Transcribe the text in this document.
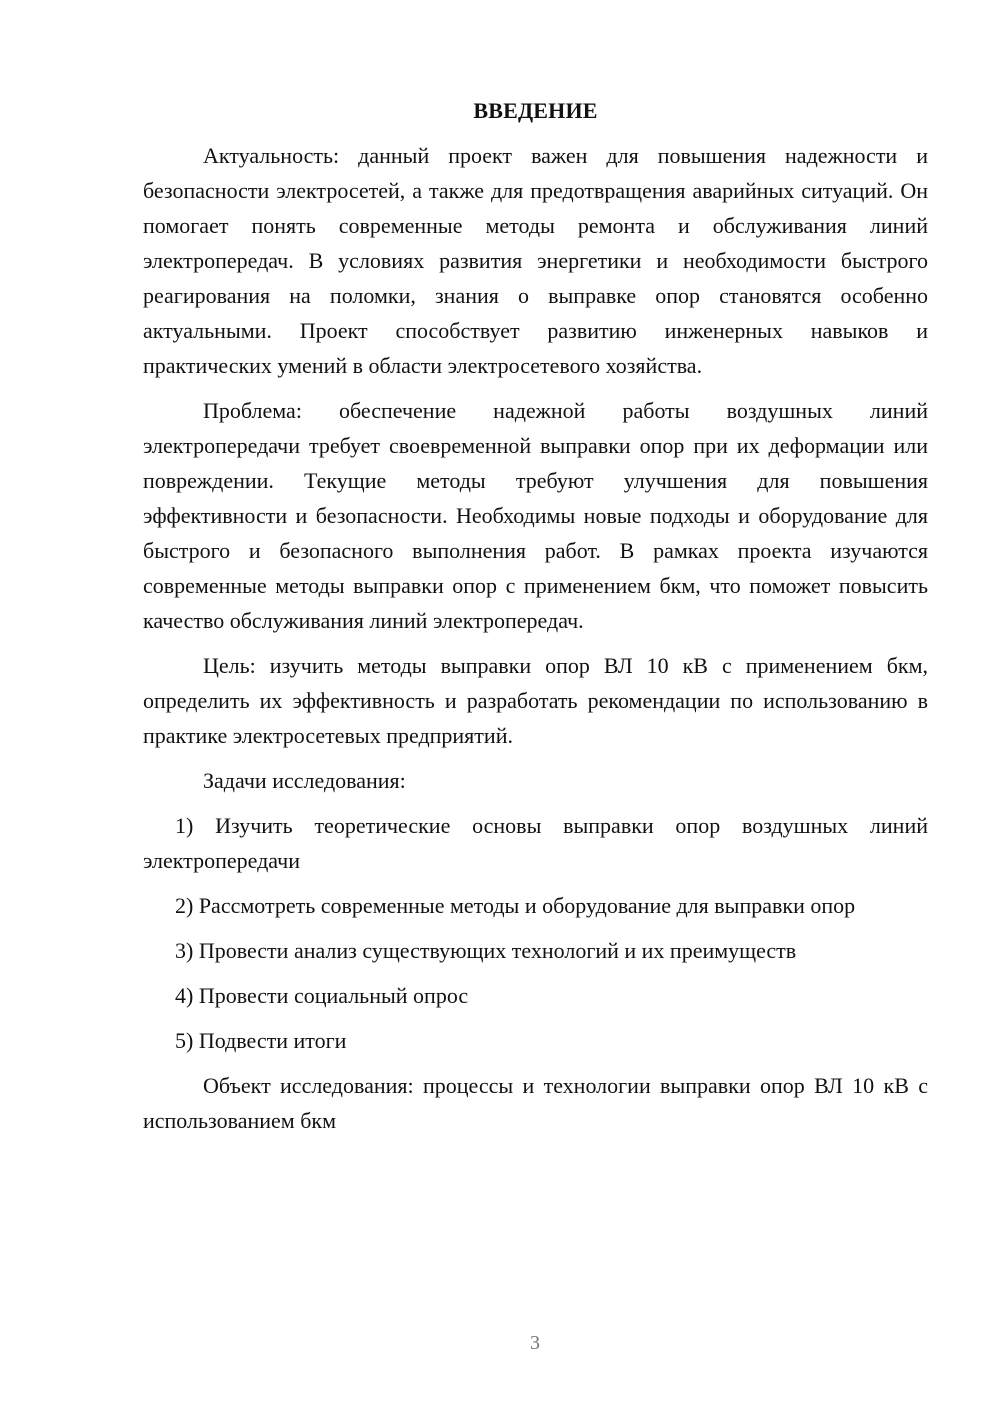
ВВЕДЕНИЕ

Актуальность: данный проект важен для повышения надежности и безопасности электросетей, а также для предотвращения аварийных ситуаций. Он помогает понять современные методы ремонта и обслуживания линий электропередач. В условиях развития энергетики и необходимости быстрого реагирования на поломки, знания о выправке опор становятся особенно актуальными. Проект способствует развитию инженерных навыков и практических умений в области электросетевого хозяйства.

Проблема: обеспечение надежной работы воздушных линий электропередачи требует своевременной выправки опор при их деформации или повреждении. Текущие методы требуют улучшения для повышения эффективности и безопасности. Необходимы новые подходы и оборудование для быстрого и безопасного выполнения работ. В рамках проекта изучаются современные методы выправки опор с применением бкм, что поможет повысить качество обслуживания линий электропередач.

Цель: изучить методы выправки опор ВЛ 10 кВ с применением бкм, определить их эффективность и разработать рекомендации по использованию в практике электросетевых предприятий.

Задачи исследования:

1) Изучить теоретические основы выправки опор воздушных линий электропередачи

2) Рассмотреть современные методы и оборудование для выправки опор

3) Провести анализ существующих технологий и их преимуществ

4) Провести социальный опрос

5) Подвести итоги

Объект исследования: процессы и технологии выправки опор ВЛ 10 кВ с использованием бкм

3
